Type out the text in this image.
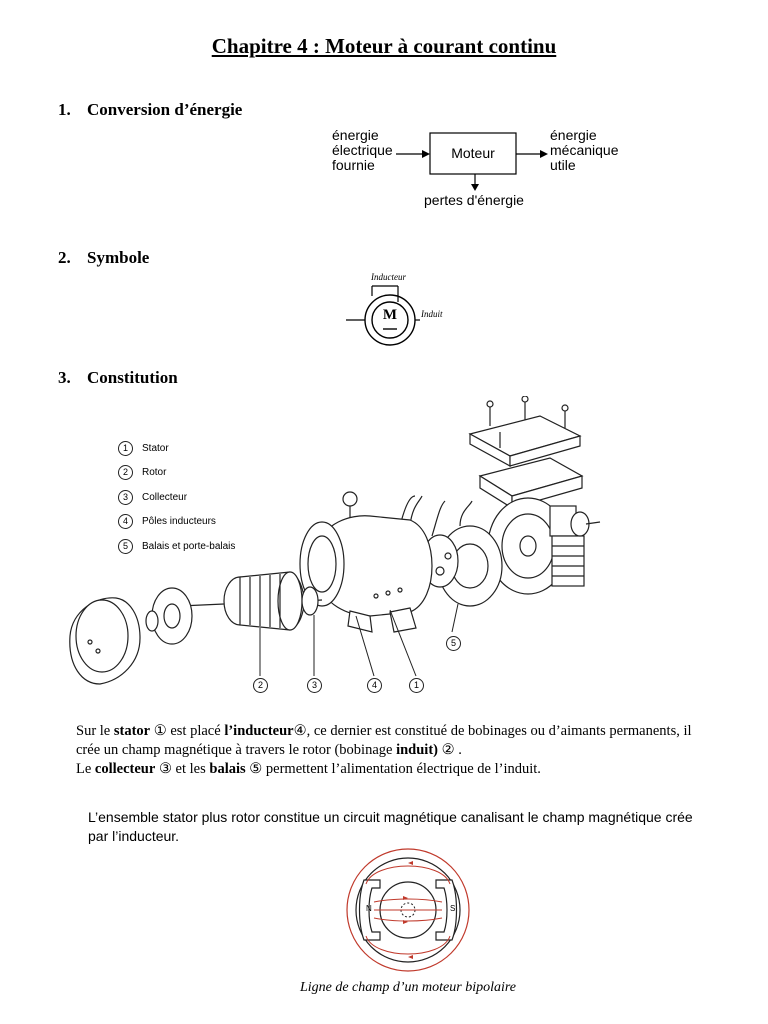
Chapitre 4 : Moteur à courant continu
1. Conversion d’énergie
énergie
électrique
fournie
Moteur
énergie
mécanique
utile
pertes d'énergie
2. Symbole
M
Inducteur
Induit
3. Constitution
1	Stator
2	Rotor
3	Collecteur
4	Pôles inducteurs
5	Balais et porte-balais
2	3	4	1
5

Sur le stator ① est placé l’inducteur④, ce dernier est constitué de bobinages ou d’aimants permanents, il crée un champ magnétique à travers le rotor (bobinage induit) ② .
Le collecteur ③ et les balais ⑤ permettent l’alimentation électrique de l’induit.

L’ensemble stator plus rotor constitue un circuit magnétique canalisant le champ magnétique crée par l’inducteur.

N	S
Ligne de champ d’un moteur bipolaire
